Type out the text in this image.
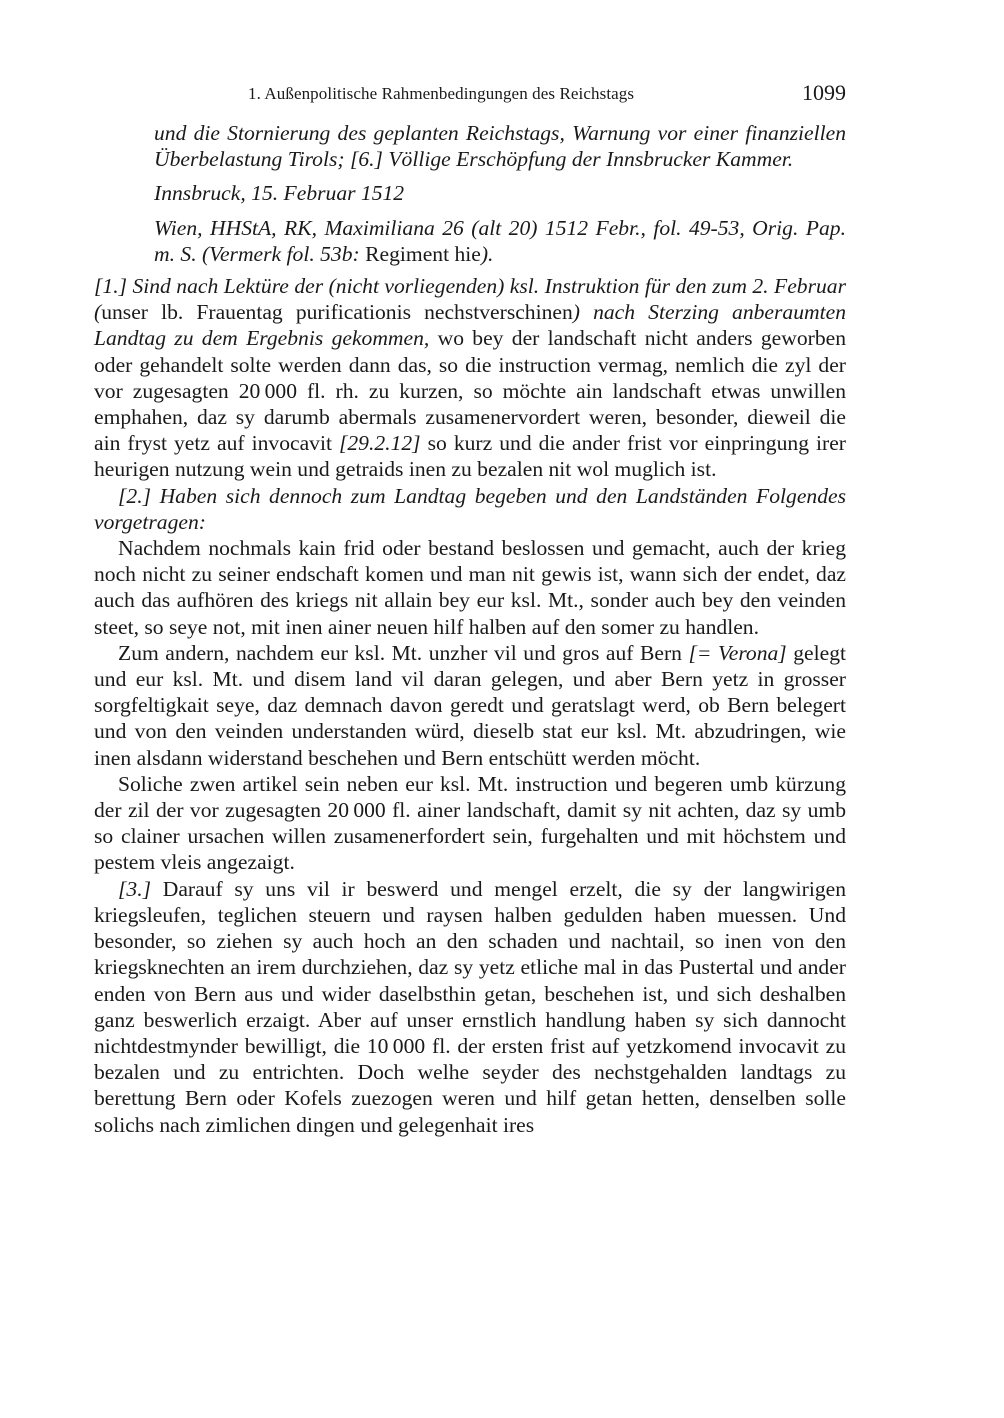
1. Außenpolitische Rahmenbedingungen des Reichstags	1099

und die Stornierung des geplanten Reichstags, Warnung vor einer finanziellen Überbelastung Tirols; [6.] Völlige Erschöpfung der Innsbrucker Kammer.

Innsbruck, 15. Februar 1512

Wien, HHStA, RK, Maximiliana 26 (alt 20) 1512 Febr., fol. 49-53, Orig. Pap. m. S. (Vermerk fol. 53b: Regiment hie).

[1.] Sind nach Lektüre der (nicht vorliegenden) ksl. Instruktion für den zum 2. Februar (unser lb. Frauentag purificationis nechstverschinen) nach Sterzing anberaumten Landtag zu dem Ergebnis gekommen, wo bey der landschaft nicht anders geworben oder gehandelt solte werden dann das, so die instruction vermag, nemlich die zyl der vor zugesagten 20 000 fl. rh. zu kurzen, so möchte ain landschaft etwas unwillen emphahen, daz sy darumb abermals zusamenervordert weren, besonder, dieweil die ain fryst yetz auf invocavit [29.2.12] so kurz und die ander frist vor einpringung irer heurigen nutzung wein und getraids inen zu bezalen nit wol muglich ist.

[2.] Haben sich dennoch zum Landtag begeben und den Landständen Folgendes vorgetragen:

Nachdem nochmals kain frid oder bestand beslossen und gemacht, auch der krieg noch nicht zu seiner endschaft komen und man nit gewis ist, wann sich der endet, daz auch das aufhören des kriegs nit allain bey eur ksl. Mt., sonder auch bey den veinden steet, so seye not, mit inen ainer neuen hilf halben auf den somer zu handlen.

Zum andern, nachdem eur ksl. Mt. unzher vil und gros auf Bern [= Verona] gelegt und eur ksl. Mt. und disem land vil daran gelegen, und aber Bern yetz in grosser sorgfeltigkait seye, daz demnach davon geredt und geratslagt werd, ob Bern belegert und von den veinden understanden würd, dieselb stat eur ksl. Mt. abzudringen, wie inen alsdann widerstand beschehen und Bern entschütt werden möcht.

Soliche zwen artikel sein neben eur ksl. Mt. instruction und begeren umb kürzung der zil der vor zugesagten 20 000 fl. ainer landschaft, damit sy nit achten, daz sy umb so clainer ursachen willen zusamenerfordert sein, furgehalten und mit höchstem und pestem vleis angezaigt.

[3.] Darauf sy uns vil ir beswerd und mengel erzelt, die sy der langwirigen kriegsleufen, teglichen steuern und raysen halben gedulden haben muessen. Und besonder, so ziehen sy auch hoch an den schaden und nachtail, so inen von den kriegsknechten an irem durchziehen, daz sy yetz etliche mal in das Pustertal und ander enden von Bern aus und wider daselbsthin getan, beschehen ist, und sich deshalben ganz beswerlich erzaigt. Aber auf unser ernstlich handlung haben sy sich dannocht nichtdestmynder bewilligt, die 10 000 fl. der ersten frist auf yetzkomend invocavit zu bezalen und zu entrichten. Doch welhe seyder des nechstgehalden landtags zu berettung Bern oder Kofels zuezogen weren und hilf getan hetten, denselben solle solichs nach zimlichen dingen und gelegenhait ires
